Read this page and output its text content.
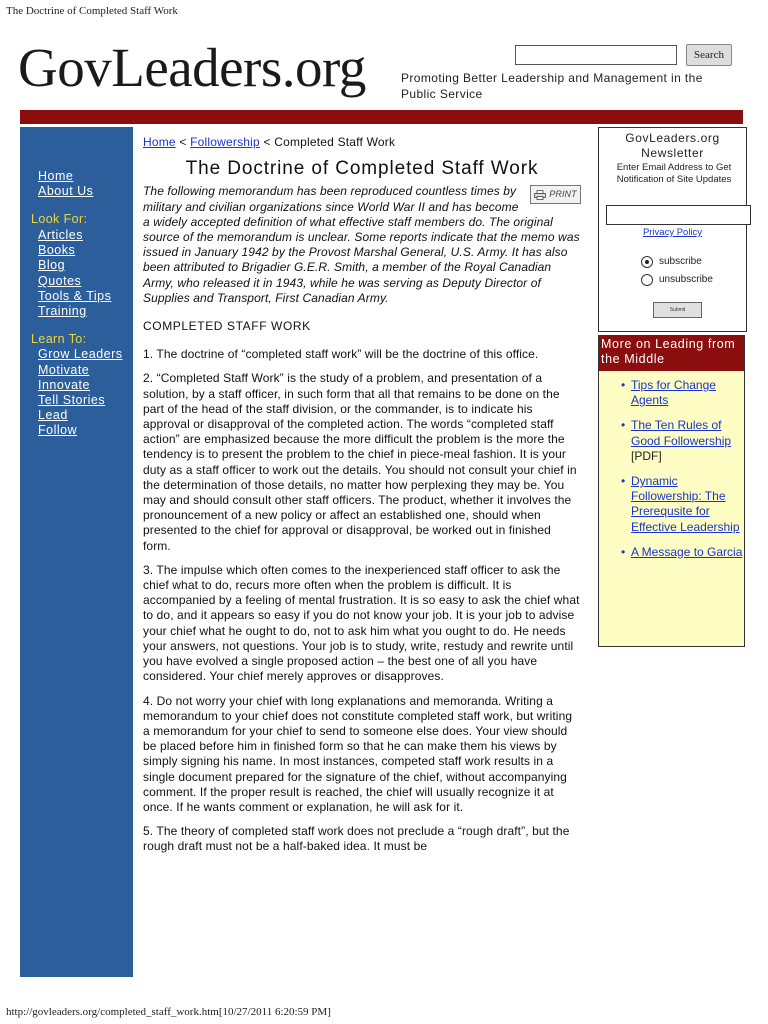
The Doctrine of Completed Staff Work
GovLeaders.org	Promoting Better Leadership and Management in the Public Service
Search
Home
About Us
Look For:
Articles
Books
Blog
Quotes
Tools & Tips
Training
Learn To:
Grow Leaders
Motivate
Innovate
Tell Stories
Lead
Follow
Home < Followership < Completed Staff Work
The Doctrine of Completed Staff Work

PRINT
The following memorandum has been reproduced countless times by military and civilian organizations since World War II and has become a widely accepted definition of what effective staff members do. The original source of the memorandum is unclear. Some reports indicate that the memo was issued in January 1942 by the Provost Marshal General, U.S. Army. It has also been attributed to Brigadier G.E.R. Smith, a member of the Royal Canadian Army, who released it in 1943, while he was serving as Deputy Director of Supplies and Transport, First Canadian Army.

COMPLETED STAFF WORK

1. The doctrine of “completed staff work” will be the doctrine of this office.

2. “Completed Staff Work” is the study of a problem, and presentation of a solution, by a staff officer, in such form that all that remains to be done on the part of the head of the staff division, or the commander, is to indicate his approval or disapproval of the completed action. The words “completed staff action” are emphasized because the more difficult the problem is the more the tendency is to present the problem to the chief in piece-meal fashion. It is your duty as a staff officer to work out the details. You should not consult your chief in the determination of those details, no matter how perplexing they may be. You may and should consult other staff officers. The product, whether it involves the pronouncement of a new policy or affect an established one, should when presented to the chief for approval or disapproval, be worked out in finished form.

3. The impulse which often comes to the inexperienced staff officer to ask the chief what to do, recurs more often when the problem is difficult. It is accompanied by a feeling of mental frustration. It is so easy to ask the chief what to do, and it appears so easy if you do not know your job. It is your job to advise your chief what he ought to do, not to ask him what you ought to do. He needs your answers, not questions. Your job is to study, write, restudy and rewrite until you have evolved a single proposed action – the best one of all you have considered. Your chief merely approves or disapproves.

4. Do not worry your chief with long explanations and memoranda. Writing a memorandum to your chief does not constitute completed staff work, but writing a memorandum for your chief to send to someone else does. Your view should be placed before him in finished form so that he can make them his views by simply signing his name. In most instances, competed staff work results in a single document prepared for the signature of the chief, without accompanying comment. If the proper result is reached, the chief will usually recognize it at once. If he wants comment or explanation, he will ask for it.

5. The theory of completed staff work does not preclude a “rough draft”, but the rough draft must not be a half-baked idea. It must be

GovLeaders.org Newsletter
Enter Email Address to Get Notification of Site Updates
Privacy Policy
subscribe
unsubscribe
Submit
More on Leading from the Middle
• Tips for Change Agents
• The Ten Rules of Good Followership
[PDF]
• Dynamic Followership: The Prerequsite for Effective Leadership
• A Message to Garcia
http://govleaders.org/completed_staff_work.htm[10/27/2011 6:20:59 PM]
